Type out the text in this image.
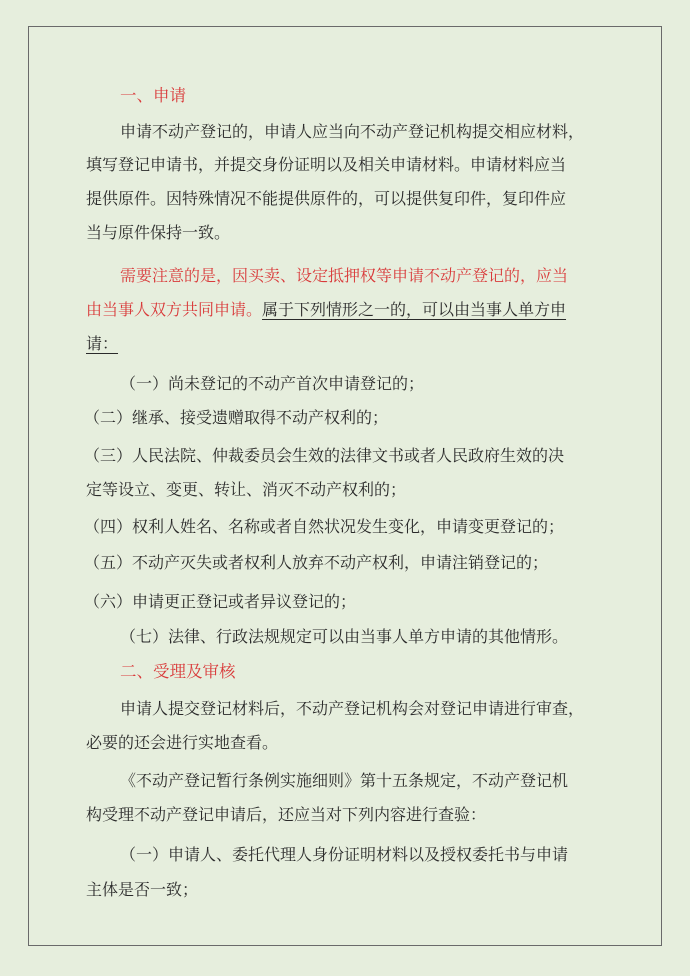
一、申请
申请不动产登记的，申请人应当向不动产登记机构提交相应材料，
填写登记申请书，并提交身份证明以及相关申请材料。申请材料应当
提供原件。因特殊情况不能提供原件的，可以提供复印件，复印件应
当与原件保持一致。
需要注意的是，因买卖、设定抵押权等申请不动产登记的，应当
由当事人双方共同申请。属于下列情形之一的，可以由当事人单方申
请：
（一）尚未登记的不动产首次申请登记的；
（二）继承、接受遗赠取得不动产权利的；
（三）人民法院、仲裁委员会生效的法律文书或者人民政府生效的决
定等设立、变更、转让、消灭不动产权利的；
（四）权利人姓名、名称或者自然状况发生变化，申请变更登记的；
（五）不动产灭失或者权利人放弃不动产权利，申请注销登记的；
（六）申请更正登记或者异议登记的；
（七）法律、行政法规规定可以由当事人单方申请的其他情形。
二、受理及审核
申请人提交登记材料后，不动产登记机构会对登记申请进行审查，
必要的还会进行实地查看。
《不动产登记暂行条例实施细则》第十五条规定，不动产登记机
构受理不动产登记申请后，还应当对下列内容进行查验：
（一）申请人、委托代理人身份证明材料以及授权委托书与申请
主体是否一致；
